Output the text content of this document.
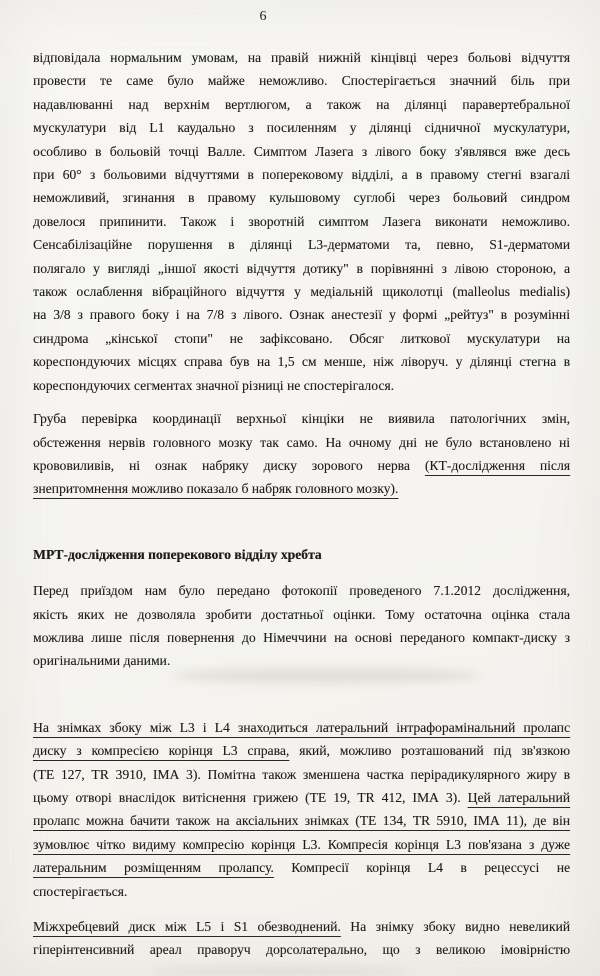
6
відповідала нормальним умовам, на правій нижній кінцівці через больові відчуття
провести те саме було майже неможливо. Спостерігається значний біль при
надавлюванні над верхнім вертлюгом, а також на ділянці паравертебральної
мускулатури від L1 каудально з посиленням у ділянці сідничної мускулатури,
особливо в больовій точці Валле. Симптом Лазега з лівого боку з'являвся вже десь
при 60° з больовими відчуттями в поперековому відділі, а в правому стегні взагалі
неможливий, згинання в правому кульшовому суглобі через больовий синдром
довелося припинити. Також і зворотній симптом Лазега виконати неможливо.
Сенсабілізаційне порушення в ділянці L3-дерматоми та, певно, S1-дерматоми
полягало у вигляді „іншої якості відчуття дотику" в порівнянні з лівою стороною, а
також ослаблення вібраційного відчуття у медіальній щиколотці (malleolus medialis)
на 3/8 з правого боку і на 7/8 з лівого. Ознак анестезії у формі „рейтуз" в розумінні
синдрома „кінської стопи" не зафіксовано. Обсяг литкової мускулатури на
кореспондуючих місцях справа був на 1,5 см менше, ніж ліворуч. у ділянці стегна в
кореспондуючих сегментах значної різниці не спостерігалося.
Груба перевірка координації верхньої кінціки не виявила патологічних змін,
обстеження нервів головного мозку так само. На очному дні не було встановлено ні
крововиливів, ні ознак набряку диску зорового нерва (КТ-дослідження після
знепритомнення можливо показало б набряк головного мозку).
МРТ-дослідження поперекового відділу хребта
Перед приїздом нам було передано фотокопії проведеного 7.1.2012 дослідження,
якість яких не дозволяла зробити достатньої оцінки. Тому остаточна оцінка стала
можлива лише після повернення до Німеччини на основі переданого компакт-диску з
оригінальними даними.
На знімках збоку між L3 і L4 знаходиться латеральний інтрафорамінальний пролапс
диску з компресією корінця L3 справа, який, можливо розташований під зв'язкою
(ТЕ 127, TR 3910, ІМА 3). Помітна також зменшена частка перірадикулярного жиру в
цьому отворі внаслідок витіснення грижею (ТЕ 19, TR 412, ІМА 3). Цей латеральний
пролапс можна бачити також на аксіальних знімках (ТЕ 134, TR 5910, ІМА 11), де він
зумовлює чітко видиму компресію корінця L3. Компресія корінця L3 пов'язана з дуже
латеральним розміщенням пролапсу. Компресії корінця L4 в рецессусі не
спостерігається.
Міжхребцевий диск між L5 і S1 обезводнений. На знімку збоку видно невеликий
гіперінтенсивний ареал праворуч дорсолатерально, що з великою імовірністю
